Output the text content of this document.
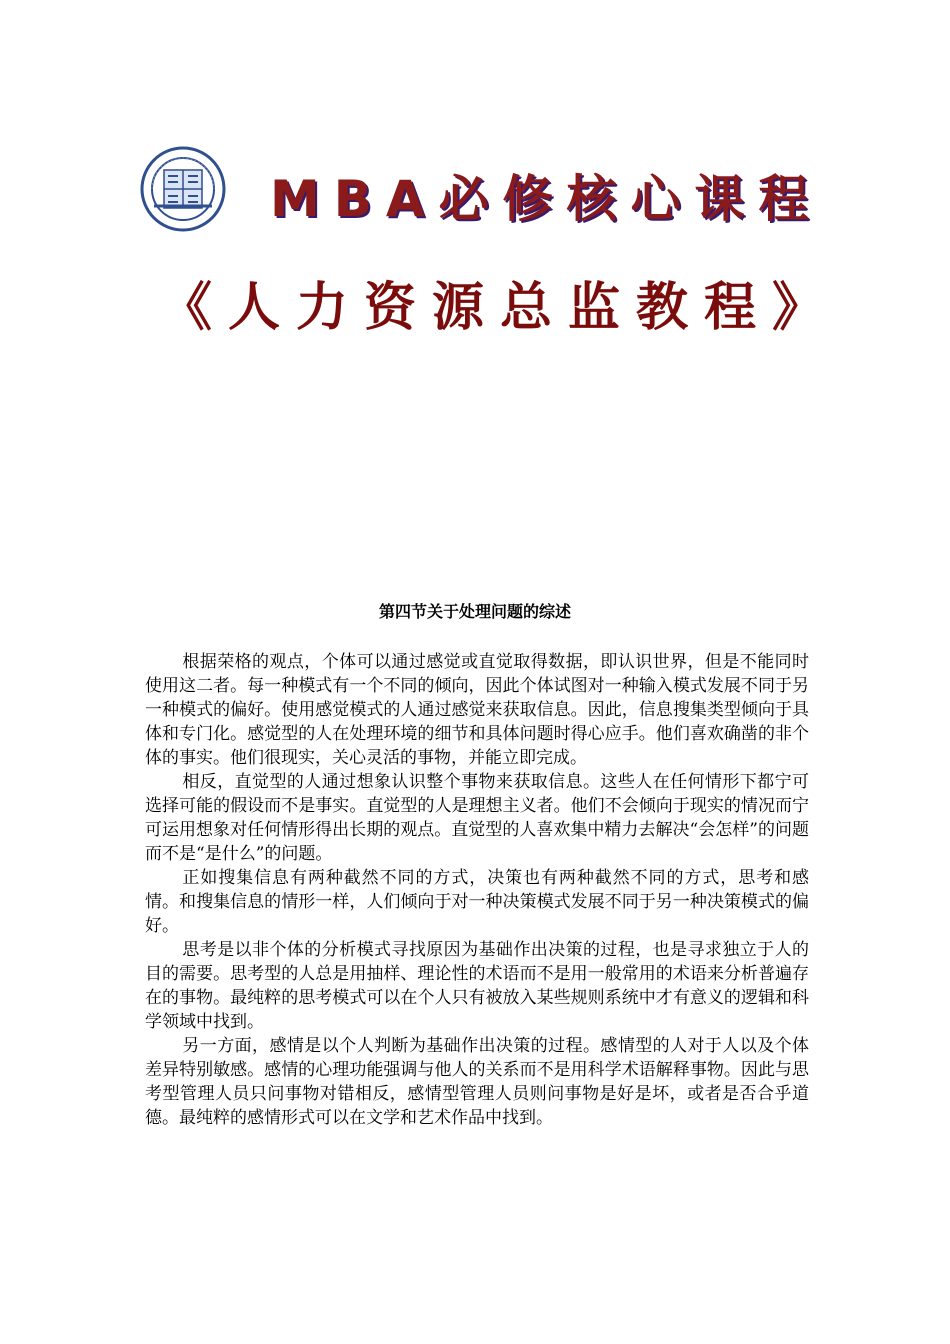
MBA必修核心课程
《人力资源总监教程》
第四节关于处理问题的综述

根据荣格的观点，个体可以通过感觉或直觉取得数据，即认识世界，但是不能同时使用这二者。每一种模式有一个不同的倾向，因此个体试图对一种输入模式发展不同于另一种模式的偏好。使用感觉模式的人通过感觉来获取信息。因此，信息搜集类型倾向于具体和专门化。感觉型的人在处理环境的细节和具体问题时得心应手。他们喜欢确凿的非个体的事实。他们很现实，关心灵活的事物，并能立即完成。

相反，直觉型的人通过想象认识整个事物来获取信息。这些人在任何情形下都宁可选择可能的假设而不是事实。直觉型的人是理想主义者。他们不会倾向于现实的情况而宁可运用想象对任何情形得出长期的观点。直觉型的人喜欢集中精力去解决“会怎样”的问题而不是“是什么”的问题。

正如搜集信息有两种截然不同的方式，决策也有两种截然不同的方式，思考和感情。和搜集信息的情形一样，人们倾向于对一种决策模式发展不同于另一种决策模式的偏好。

思考是以非个体的分析模式寻找原因为基础作出决策的过程，也是寻求独立于人的目的需要。思考型的人总是用抽样、理论性的术语而不是用一般常用的术语来分析普遍存在的事物。最纯粹的思考模式可以在个人只有被放入某些规则系统中才有意义的逻辑和科学领域中找到。

另一方面，感情是以个人判断为基础作出决策的过程。感情型的人对于人以及个体差异特别敏感。感情的心理功能强调与他人的关系而不是用科学术语解释事物。因此与思考型管理人员只问事物对错相反，感情型管理人员则问事物是好是坏，或者是否合乎道德。最纯粹的感情形式可以在文学和艺术作品中找到。
